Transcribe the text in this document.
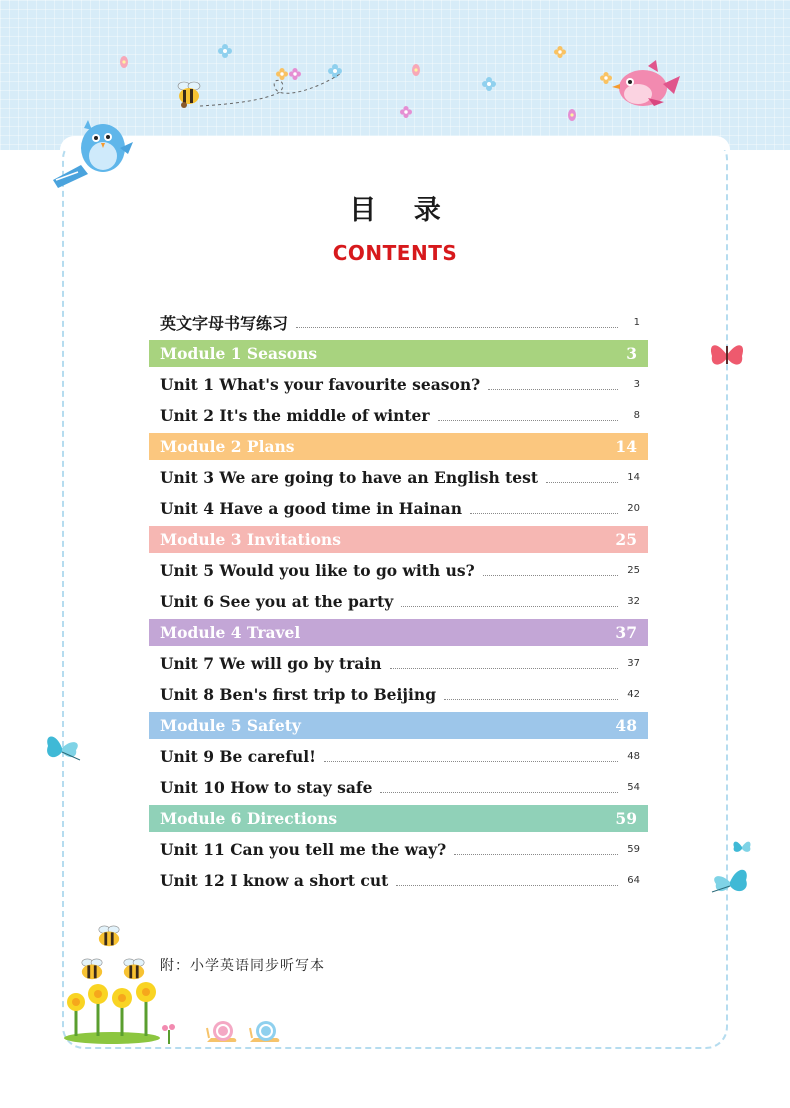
目 录
CONTENTS
英文字母书写练习	1
Module 1 Seasons	3
Unit 1 What's your favourite season?	3
Unit 2 It's the middle of winter	8
Module 2 Plans	14
Unit 3 We are going to have an English test	14
Unit 4 Have a good time in Hainan	20
Module 3 Invitations	25
Unit 5 Would you like to go with us?	25
Unit 6 See you at the party	32
Module 4 Travel	37
Unit 7 We will go by train	37
Unit 8 Ben's first trip to Beijing	42
Module 5 Safety	48
Unit 9 Be careful!	48
Unit 10 How to stay safe	54
Module 6 Directions	59
Unit 11 Can you tell me the way?	59
Unit 12 I know a short cut	64
附：小学英语同步听写本
